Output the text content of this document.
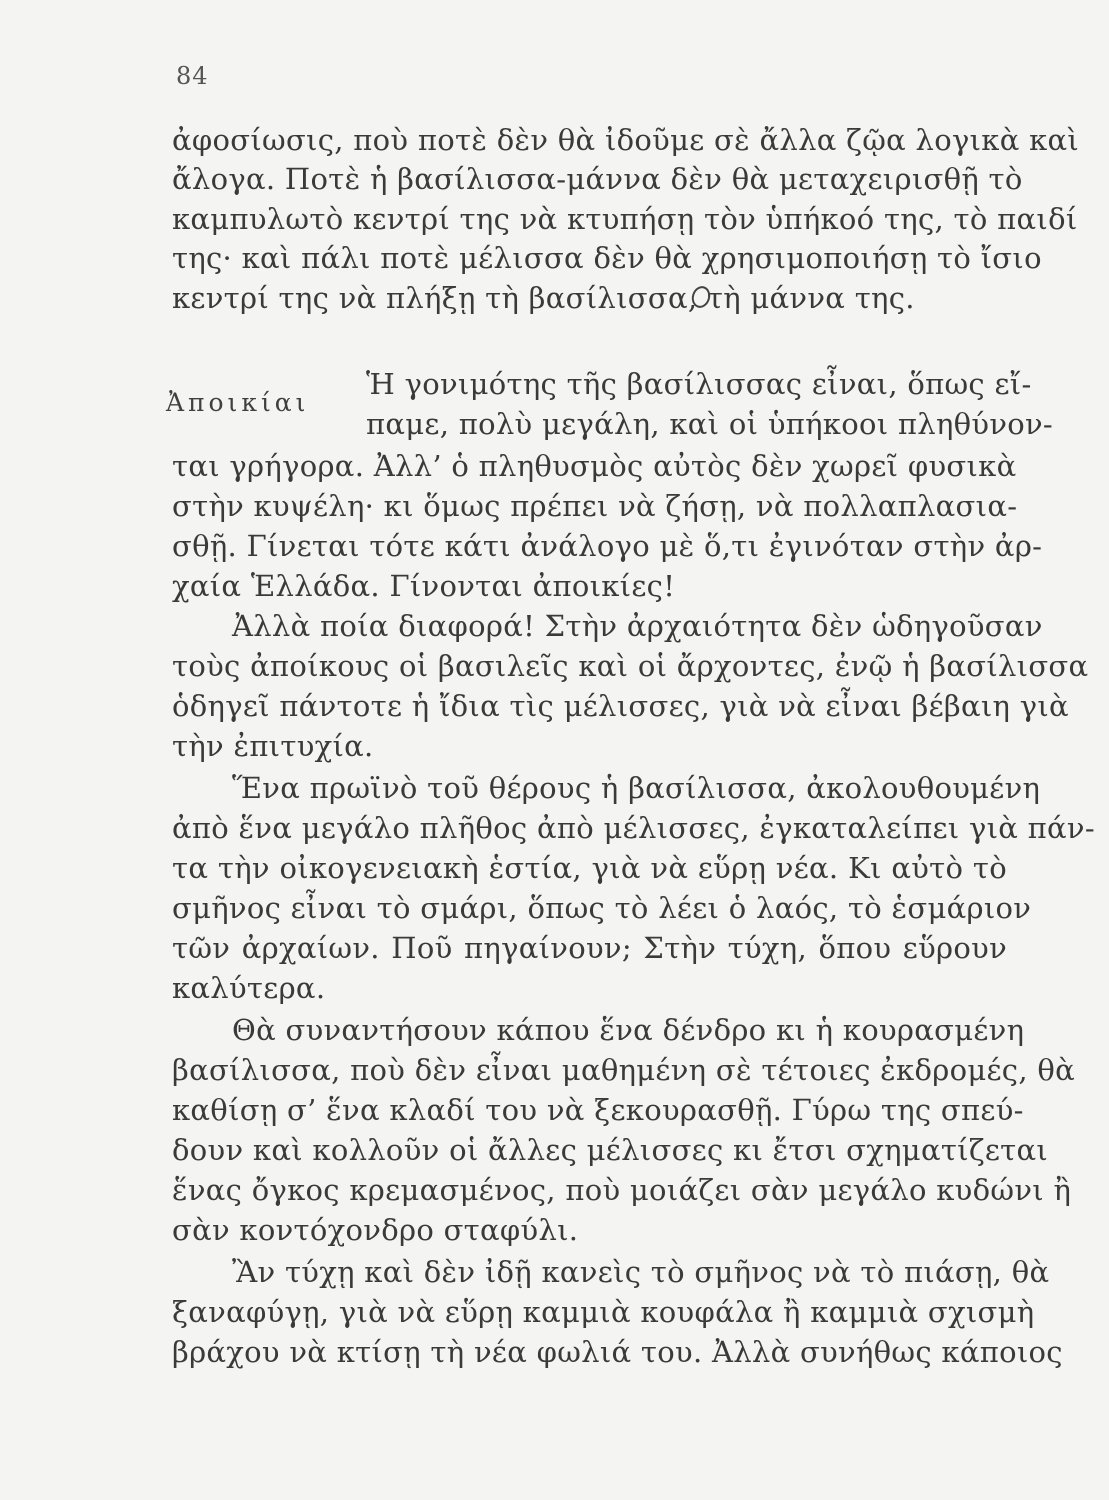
84
ἀφοσίωσις, ποὺ ποτὲ δὲν θὰ ἰδοῦμε σὲ ἄλλα ζῷα λογικὰ καὶ
ἄλογα. Ποτὲ ἡ βασίλισσα-μάννα δὲν θὰ μεταχειρισθῇ τὸ
καμπυλωτὸ κεντρί της νὰ κτυπήσῃ τὸν ὑπήκοό της, τὸ παιδί
της· καὶ πάλι ποτὲ μέλισσα δὲν θὰ χρησιμοποιήσῃ τὸ ἴσιο
κεντρί της νὰ πλήξῃ τὴ βασίλισσα, τὴ μάννα της.
Ἀποικίαι
Ἡ γονιμότης τῆς βασίλισσας εἶναι, ὅπως εἴ-
παμε, πολὺ μεγάλη, καὶ οἱ ὑπήκοοι πληθύνον-
ται γρήγορα. Ἀλλ’ ὁ πληθυσμὸς αὐτὸς δὲν χωρεῖ φυσικὰ
στὴν κυψέλη· κι ὅμως πρέπει νὰ ζήσῃ, νὰ πολλαπλασια-
σθῇ. Γίνεται τότε κάτι ἀνάλογο μὲ ὅ,τι ἐγινόταν στὴν ἀρ-
χαία Ἑλλάδα. Γίνονται ἀποικίες!
Ἀλλὰ ποία διαφορά! Στὴν ἀρχαιότητα δὲν ὡδηγοῦσαν
τοὺς ἀποίκους οἱ βασιλεῖς καὶ οἱ ἄρχοντες, ἐνῷ ἡ βασίλισσα
ὁδηγεῖ πάντοτε ἡ ἴδια τὶς μέλισσες, γιὰ νὰ εἶναι βέβαιη γιὰ
τὴν ἐπιτυχία.
Ἕνα πρωϊνὸ τοῦ θέρους ἡ βασίλισσα, ἀκολουθουμένη
ἀπὸ ἕνα μεγάλο πλῆθος ἀπὸ μέλισσες, ἐγκαταλείπει γιὰ πάν-
τα τὴν οἰκογενειακὴ ἑστία, γιὰ νὰ εὕρῃ νέα. Κι αὐτὸ τὸ
σμῆνος εἶναι τὸ σμάρι, ὅπως τὸ λέει ὁ λαός, τὸ ἑσμάριον
τῶν ἀρχαίων. Ποῦ πηγαίνουν; Στὴν τύχη, ὅπου εὕρουν
καλύτερα.
Θὰ συναντήσουν κάπου ἕνα δένδρο κι ἡ κουρασμένη
βασίλισσα, ποὺ δὲν εἶναι μαθημένη σὲ τέτοιες ἐκδρομές, θὰ
καθίσῃ σ’ ἕνα κλαδί του νὰ ξεκουρασθῇ. Γύρω της σπεύ-
δουν καὶ κολλοῦν οἱ ἄλλες μέλισσες κι ἔτσι σχηματίζεται
ἕνας ὄγκος κρεμασμένος, ποὺ μοιάζει σὰν μεγάλο κυδώνι ἢ
σὰν κοντόχονδρο σταφύλι.
Ἂν τύχῃ καὶ δὲν ἰδῇ κανεὶς τὸ σμῆνος νὰ τὸ πιάσῃ, θὰ
ξαναφύγῃ, γιὰ νὰ εὕρῃ καμμιὰ κουφάλα ἢ καμμιὰ σχισμὴ
βράχου νὰ κτίσῃ τὴ νέα φωλιά του. Ἀλλὰ συνήθως κάποιος
